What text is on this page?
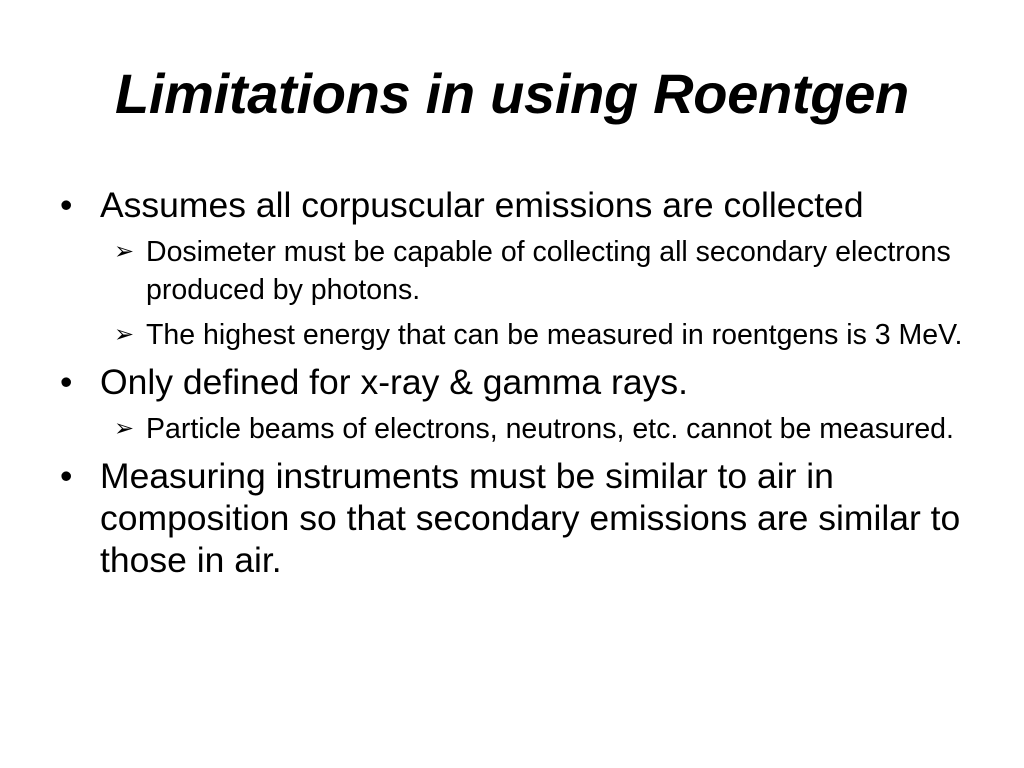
Limitations in using Roentgen
• Assumes all corpuscular emissions are collected
➢ Dosimeter must be capable of collecting all secondary electrons produced by photons.
➢ The highest energy that can be measured in roentgens is 3 MeV.
• Only defined for x-ray & gamma rays.
➢ Particle beams of electrons, neutrons, etc. cannot be measured.
• Measuring instruments must be similar to air in composition so that secondary emissions are similar to those in air.
